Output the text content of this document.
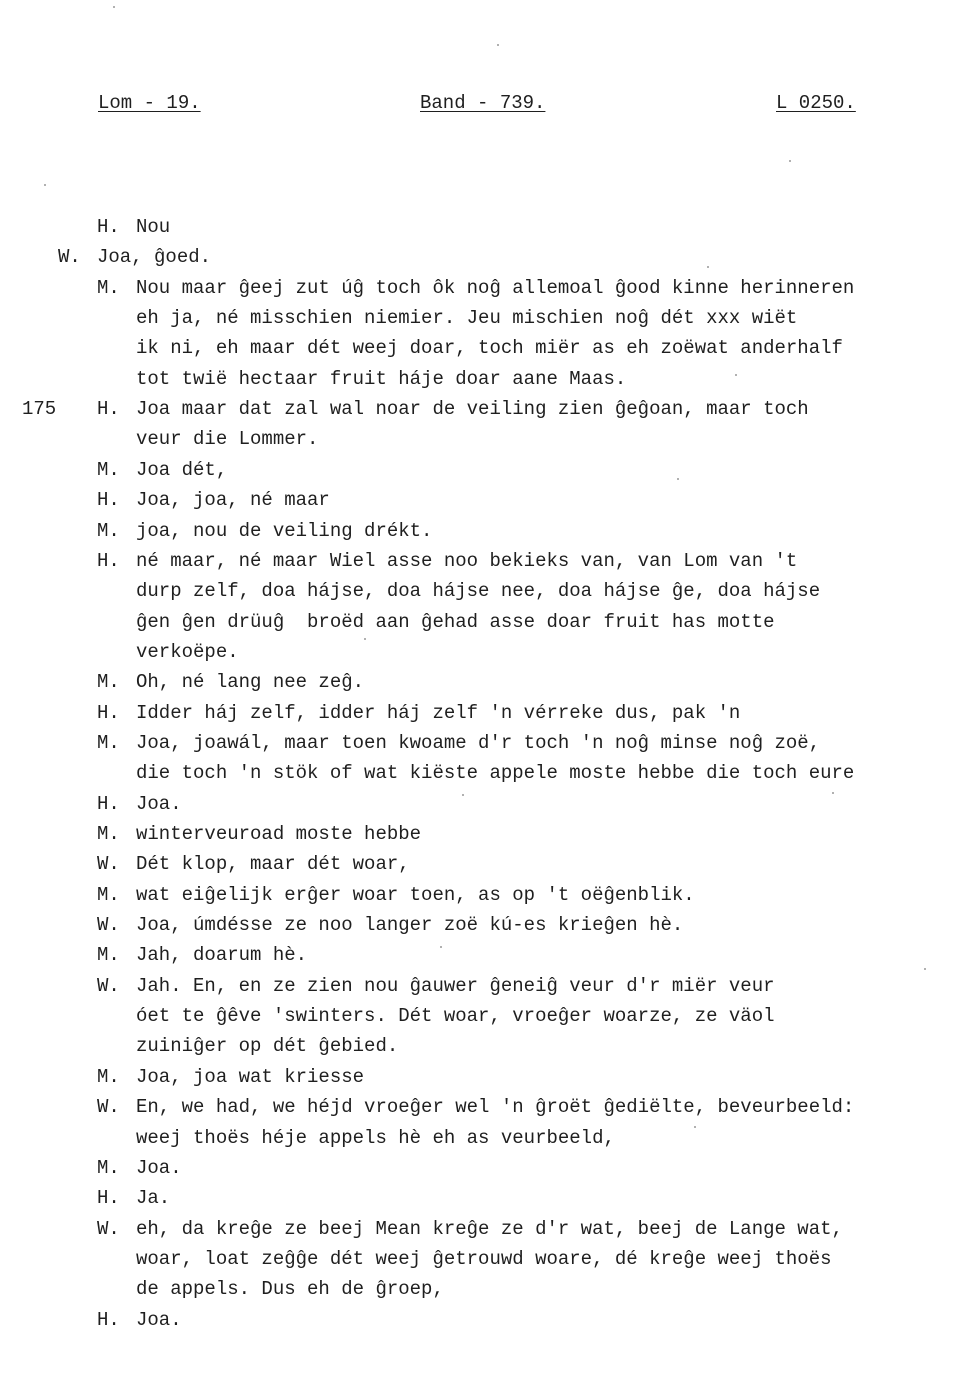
Lom - 19.	Band - 739.	L 0250.
H. Nou
W. Joa, ĝoed.
M. Nou maar ĝeej zut úĝ toch ôk noĝ allemoal ĝood kinne herinneren
eh ja, né misschien niemier. Jeu mischien noĝ dét xxx wiët
ik ni, eh maar dét weej doar, toch miër as eh zoëwat anderhalf
tot twië hectaar fruit háje doar aane Maas.
175	H. Joa maar dat zal wal noar de veiling zien ĝeĝoan, maar toch
veur die Lommer.
M. Joa dét,
H. Joa, joa, né maar
M. joa, nou de veiling drékt.
H. né maar, né maar Wiel asse noo bekieks van, van Lom van 't
durp zelf, doa hájse, doa hájse nee, doa hájse ĝe, doa hájse
ĝen ĝen drüuĝ  broëd aan ĝehad asse doar fruit has motte
verkoëpe.
M. Oh, né lang nee zeĝ.
H. Idder háj zelf, idder háj zelf 'n vérreke dus, pak 'n
M. Joa, joawál, maar toen kwoame d'r toch 'n noĝ minse noĝ zoë,
die toch 'n stök of wat kiëste appele moste hebbe die toch eure
H. Joa.
M. winterveuroad moste hebbe
W. Dét klop, maar dét woar,
M. wat eiĝelijk erĝer woar toen, as op 't oëĝenblik.
W. Joa, úmdésse ze noo langer zoë kú-es krieĝen hè.
M. Jah, doarum hè.
W. Jah. En, en ze zien nou ĝauwer ĝeneiĝ veur d'r miër veur
óet te ĝêve 'swinters. Dét woar, vroeĝer woarze, ze väol
zuiniĝer op dét ĝebied.
M. Joa, joa wat kriesse
W. En, we had, we héjd vroeĝer wel 'n ĝroët ĝediëlte, beveurbeeld:
weej thoës héje appels hè eh as veurbeeld,
M. Joa.
H. Ja.
W. eh, da kreĝe ze beej Mean kreĝe ze d'r wat, beej de Lange wat,
woar, loat zeĝĝe dét weej ĝetrouwd woare, dé kreĝe weej thoës
de appels. Dus eh de ĝroep,
H. Joa.
